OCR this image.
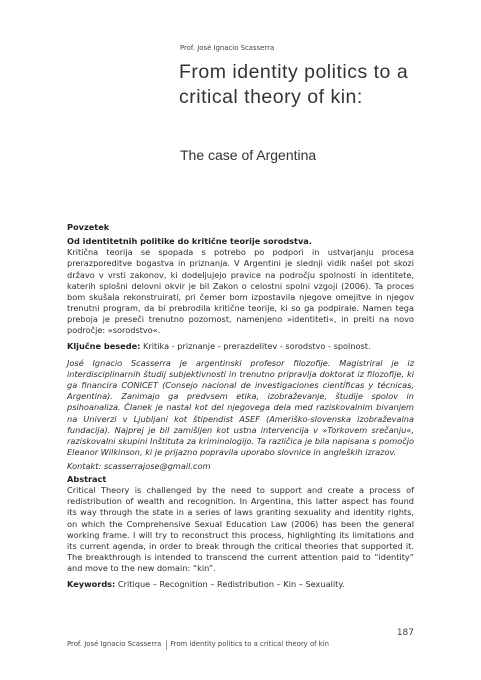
Prof. José Ignacio Scasserra
From identity politics to a critical theory of kin:
The case of Argentina

Povzetek

Od identitetnih politike do kritične teorije sorodstva.

Kritična teorija se spopada s potrebo po podpori in ustvarjanju procesa prerazporeditve bogastva in priznanja. V Argentini je slednji vidik našel pot skozi državo v vrsti zakonov, ki dodeljujejo pravice na področju spolnosti in identitete, katerih splošni delovni okvir je bil Zakon o celostni spolni vzgoji (2006). Ta proces bom skušala rekonstruirati, pri čemer bom izpostavila njegove omejitve in njegov trenutni program, da bi prebrodila kritične teorije, ki so ga podpirale. Namen tega preboja je preseči trenutno pozornost, namenjeno »identiteti«, in preiti na novo področje: »sorodstvo«.

Ključne besede: Kritika - priznanje - prerazdelitev - sorodstvo - spolnost.

José Ignacio Scasserra je argentinski profesor filozofije. Magistriral je iz interdisciplinarnih študij subjektivnosti in trenutno pripravlja doktorat iz filozofije, ki ga financira CONICET (Consejo nacional de investigaciones científicas y técnicas, Argentina). Zanimajo ga predvsem etika, izobraževanje, študije spolov in psihoanaliza. Članek je nastal kot del njegovega dela med raziskovalnim bivanjem na Univerzi v Ljubljani kot štipendist ASEF (Ameriško-slovenska izobraževalna fundacija). Najprej je bil zamišljen kot ustna intervencija v »Torkovem srečanju«, raziskovalni skupini Inštituta za kriminologijo. Ta različica je bila napisana s pomočjo Eleanor Wilkinson, ki je prijazno popravila uporabo slovnice in angleških izrazov.

Kontakt: scasserrajose@gmail.com

Abstract

Critical Theory is challenged by the need to support and create a process of redistribution of wealth and recognition. In Argentina, this latter aspect has found its way through the state in a series of laws granting sexuality and identity rights, on which the Comprehensive Sexual Education Law (2006) has been the general working frame. I will try to reconstruct this process, highlighting its limitations and its current agenda, in order to break through the critical theories that supported it. The breakthrough is intended to transcend the current attention paid to “identity” and move to the new domain: “kin”.

Keywords: Critique – Recognition – Redistribution – Kin – Sexuality.

187
Prof. José Ignacio Scasserra From identity politics to a critical theory of kin
